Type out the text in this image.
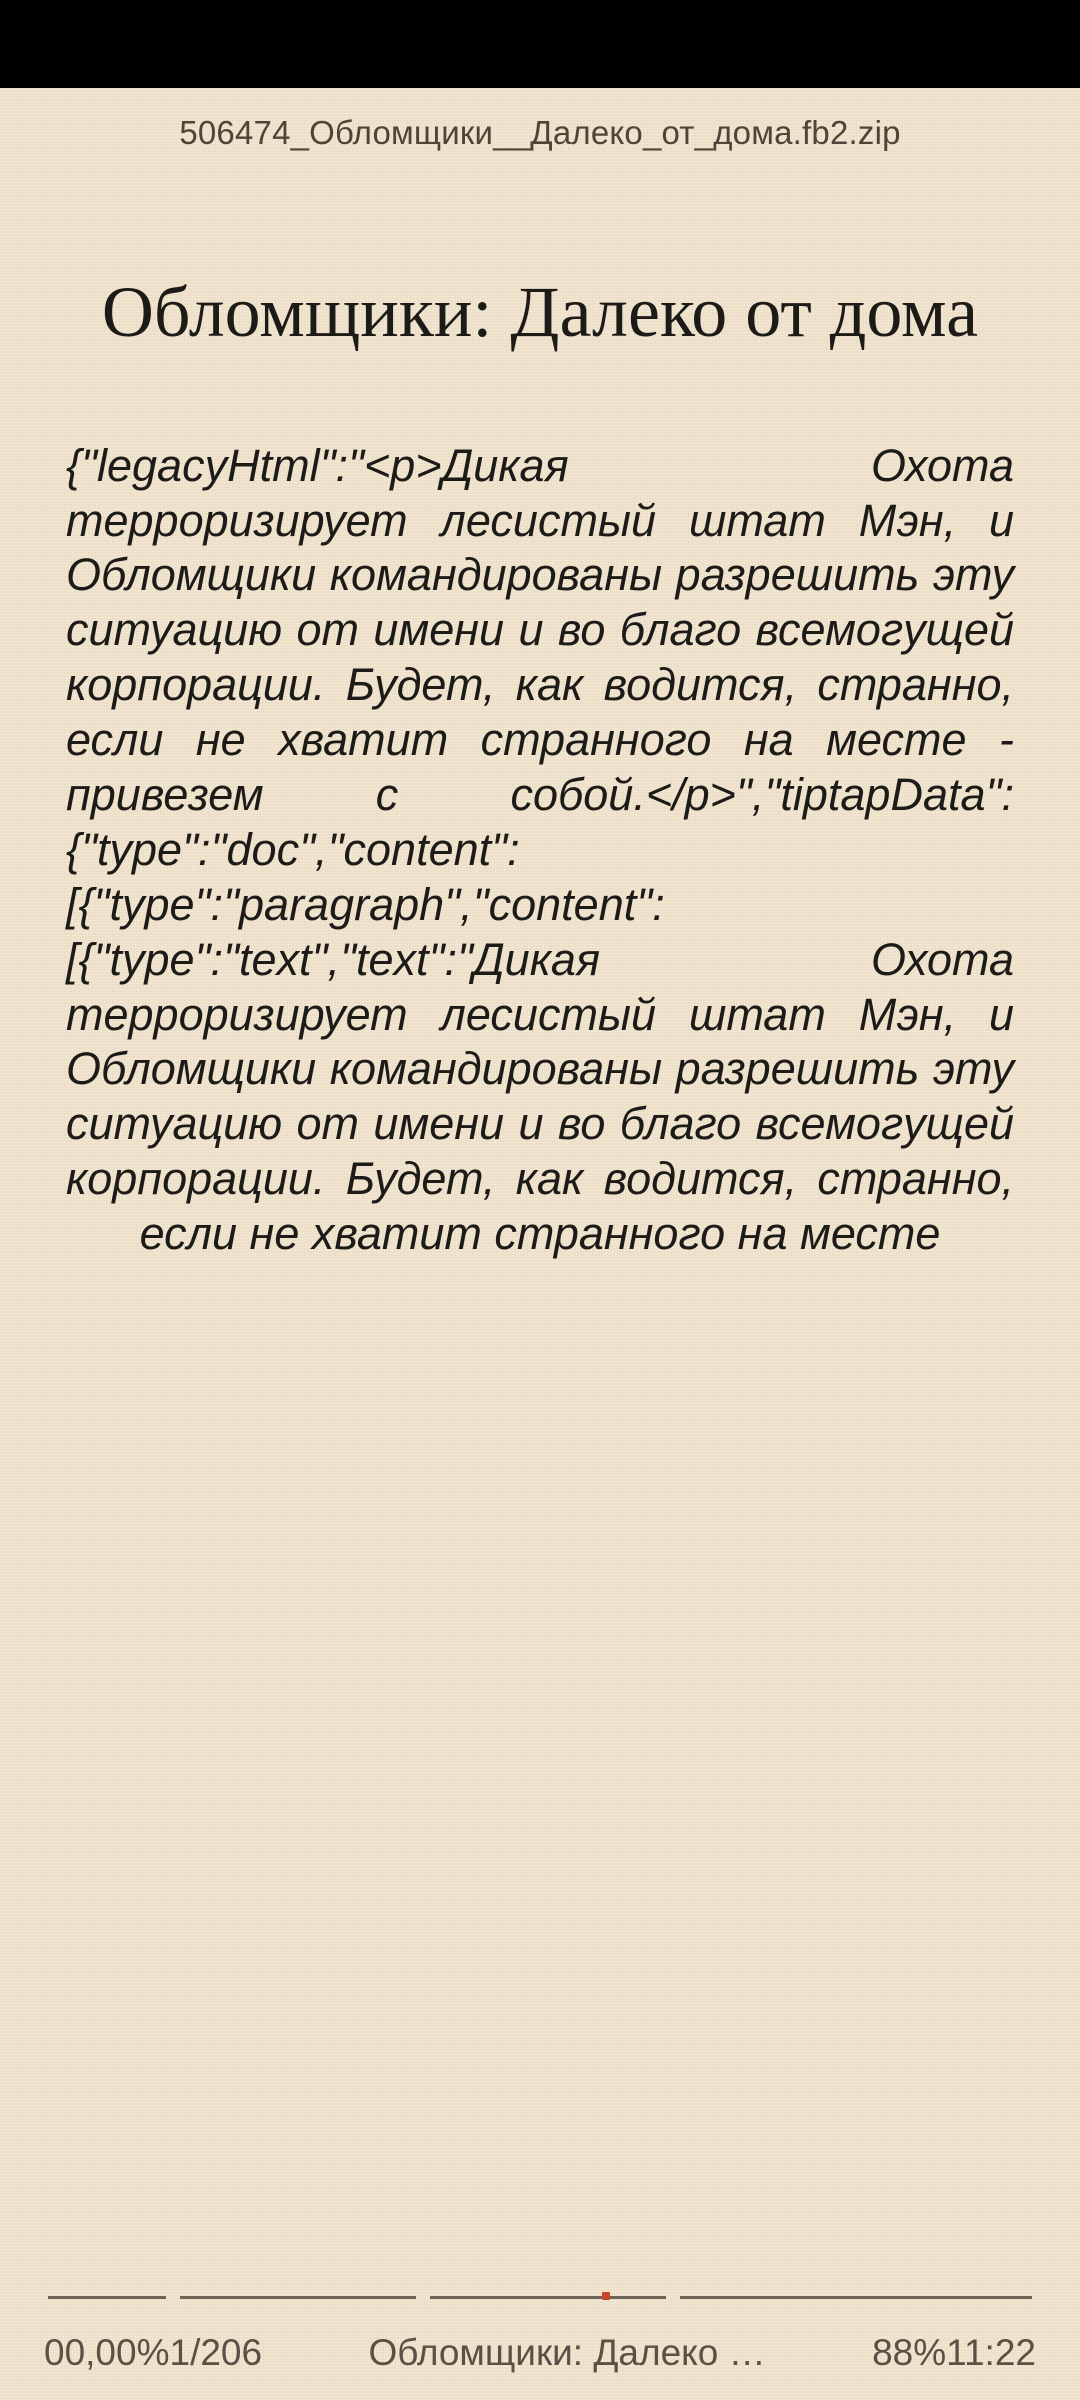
506474_Обломщики__Далеко_от_дома.fb2.zip
Обломщики: Далеко от дома
{"legacyHtml":"<p>Дикая Охота терроризирует лесистый штат Мэн, и Обломщики командированы разрешить эту ситуацию от имени и во благо всемогущей корпорации. Будет, как водится, странно, если не хватит странного на месте - привезем с собой.</p>","tiptapData":{"type":"doc","content":[{"type":"paragraph","content":[{"type":"text","text":"Дикая Охота терроризирует лесистый штат Мэн, и Обломщики командированы разрешить эту ситуацию от имени и во благо всемогущей корпорации. Будет, как водится, странно, если не хватит странного на месте
00,00% 1/206	Обломщики: Далеко …	88% 11:22
